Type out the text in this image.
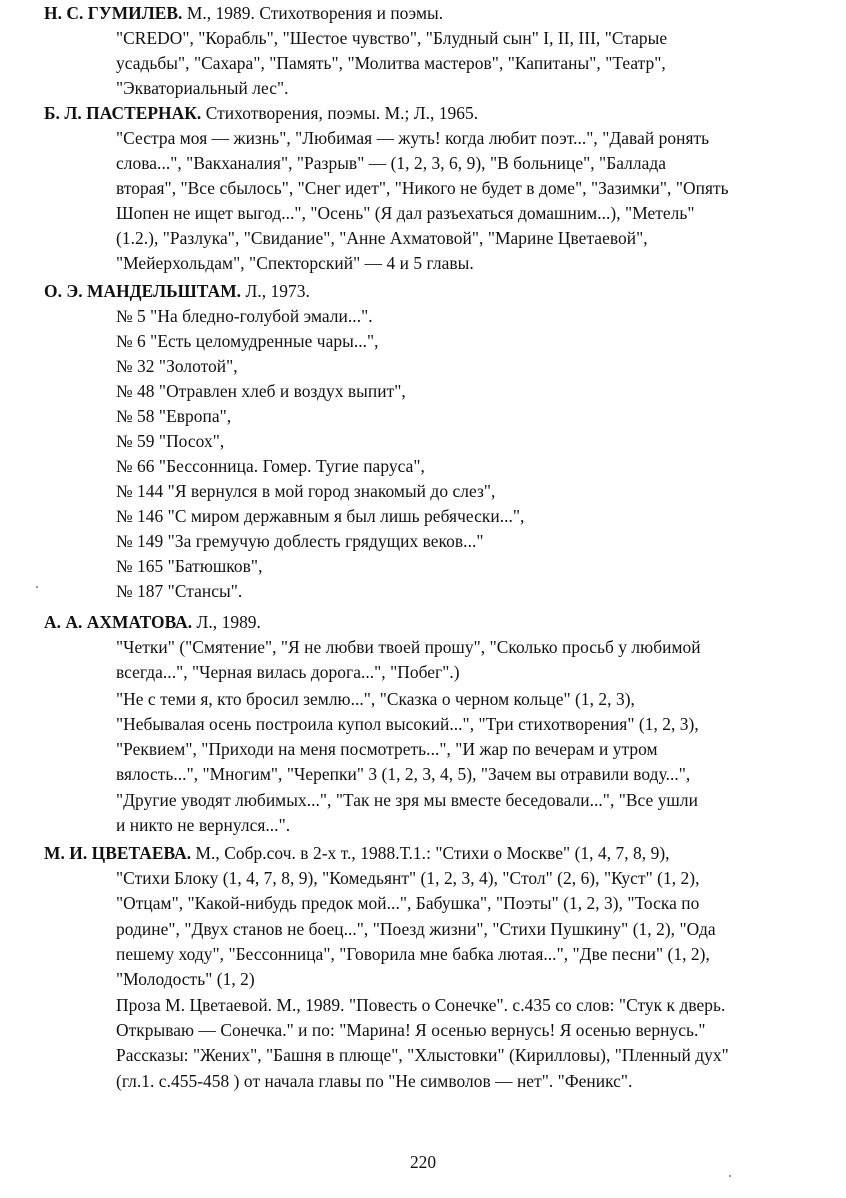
Н. С. ГУМИЛЕВ. М., 1989. Стихотворения и поэмы.
"CREDO", "Корабль", "Шестое чувство", "Блудный сын" I, II, III, "Старые
усадьбы", "Сахара", "Память", "Молитва мастеров", "Капитаны", "Театр",
"Экваториальный лес".
Б. Л. ПАСТЕРНАК. Стихотворения, поэмы. М.; Л., 1965.
"Сестра моя — жизнь", "Любимая — жуть! когда любит поэт...", "Давай ронять
слова...", "Вакханалия", "Разрыв" — (1, 2, 3, 6, 9), "В больнице", "Баллада
вторая", "Все сбылось", "Снег идет", "Никого не будет в доме", "Зазимки", "Опять
Шопен не ищет выгод...", "Осень" (Я дал разъехаться домашним...), "Метель"
(1.2.), "Разлука", "Свидание", "Анне Ахматовой", "Марине Цветаевой",
"Мейерхольдам", "Спекторский" — 4 и 5 главы.
О. Э. МАНДЕЛЬШТАМ. Л., 1973.
№ 5 "На бледно-голубой эмали...".
№ 6 "Есть целомудренные чары...",
№ 32 "Золотой",
№ 48 "Отравлен хлеб и воздух выпит",
№ 58 "Европа",
№ 59 "Посох",
№ 66 "Бессонница. Гомер. Тугие паруса",
№ 144 "Я вернулся в мой город знакомый до слез",
№ 146 "С миром державным я был лишь ребячески...",
№ 149 "За гремучую доблесть грядущих веков..."
№ 165 "Батюшков",
№ 187 "Стансы".
А. А. АХМАТОВА. Л., 1989.
"Четки" ("Смятение", "Я не любви твоей прошу", "Сколько просьб у любимой
всегда...", "Черная вилась дорога...", "Побег".)
"Не с теми я, кто бросил землю...", "Сказка о черном кольце" (1, 2, 3),
"Небывалая осень построила купол высокий...", "Три стихотворения" (1, 2, 3),
"Реквием", "Приходи на меня посмотреть...", "И жар по вечерам и утром
вялость...", "Многим", "Черепки" 3 (1, 2, 3, 4, 5), "Зачем вы отравили воду...",
"Другие уводят любимых...", "Так не зря мы вместе беседовали...", "Все ушли
и никто не вернулся...".
М. И. ЦВЕТАЕВА. М., Собр.соч. в 2-х т., 1988.Т.1.: "Стихи о Москве" (1, 4, 7, 8, 9),
"Стихи Блоку (1, 4, 7, 8, 9), "Комедьянт" (1, 2, 3, 4), "Стол" (2, 6), "Куст" (1, 2),
"Отцам", "Какой-нибудь предок мой...", Бабушка", "Поэты" (1, 2, 3), "Тоска по
родине", "Двух станов не боец...", "Поезд жизни", "Стихи Пушкину" (1, 2), "Ода
пешему ходу", "Бессонница", "Говорила мне бабка лютая...", "Две песни" (1, 2),
"Молодость" (1, 2)
Проза М. Цветаевой. М., 1989. "Повесть о Сонечке". с.435 со слов: "Стук к дверь.
Открываю — Сонечка." и по: "Марина! Я осенью вернусь! Я осенью вернусь."
Рассказы: "Жених", "Башня в плюще", "Хлыстовки" (Кирилловы), "Пленный дух"
(гл.1. с.455-458 ) от начала главы по "Не символов — нет". "Феникс".
220
